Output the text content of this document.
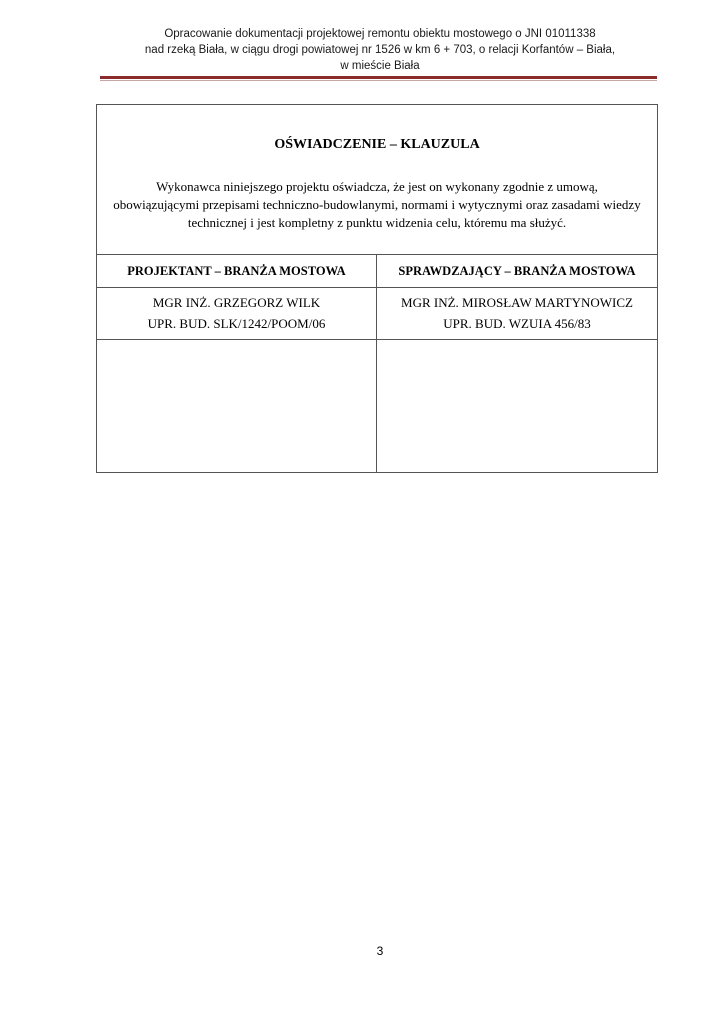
Opracowanie dokumentacji projektowej remontu obiektu mostowego o JNI 01011338
nad rzeką Biała, w ciągu drogi powiatowej nr 1526 w km 6 + 703, o relacji Korfantów – Biała,
w mieście Biała
OŚWIADCZENIE – KLAUZULA
Wykonawca niniejszego projektu oświadcza, że jest on wykonany zgodnie z umową,
obowiązującymi przepisami techniczno-budowlanymi, normami i wytycznymi oraz zasadami wiedzy
technicznej i jest kompletny z punktu widzenia celu, któremu ma służyć.
PROJEKTANT – BRANŻA MOSTOWA
MGR INŻ. GRZEGORZ WILK
UPR. BUD. SLK/1242/POOM/06
SPRAWDZAJĄCY – BRANŻA MOSTOWA
MGR INŻ. MIROSŁAW MARTYNOWICZ
UPR. BUD. WZUIA 456/83
3
